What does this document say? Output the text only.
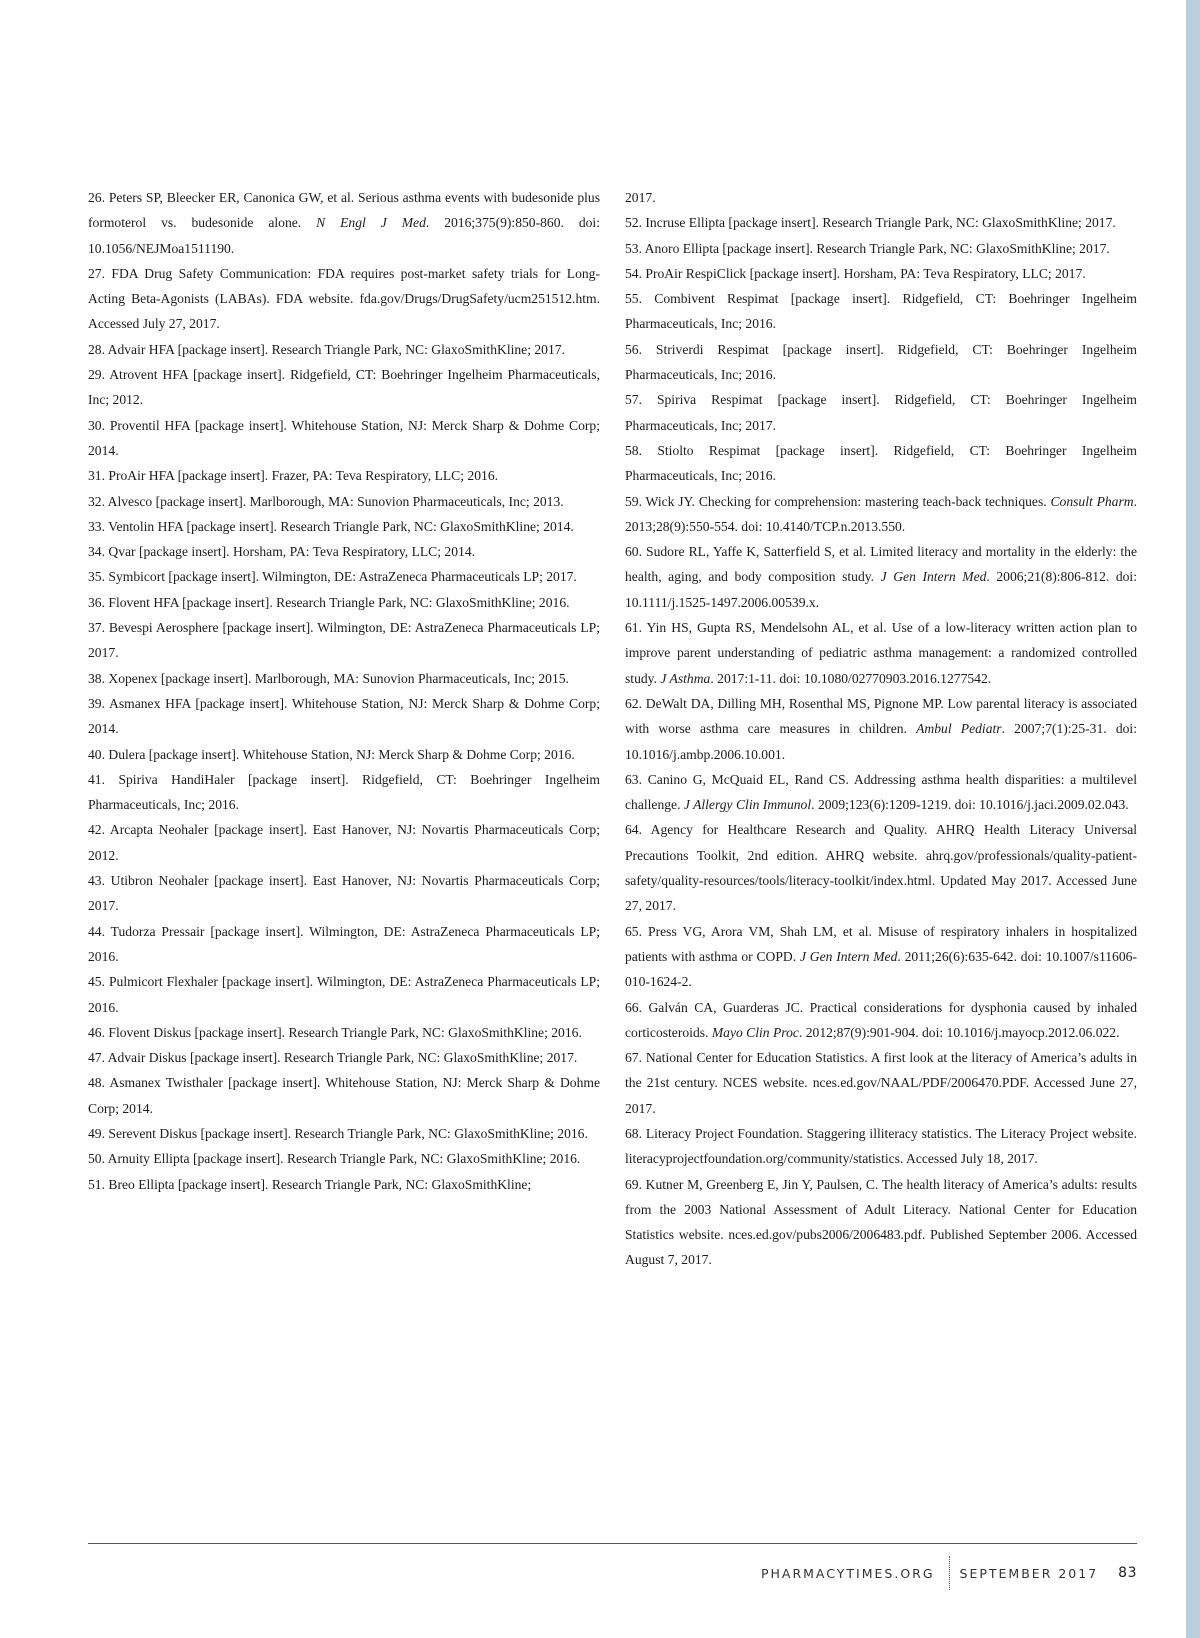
26. Peters SP, Bleecker ER, Canonica GW, et al. Serious asthma events with budesonide plus formoterol vs. budesonide alone. N Engl J Med. 2016;375(9):850-860. doi: 10.1056/NEJMoa1511190.

27. FDA Drug Safety Communication: FDA requires post-market safety trials for Long-Acting Beta-Agonists (LABAs). FDA website. fda.gov/Drugs/DrugSafety/ucm251512.htm. Accessed July 27, 2017.

28. Advair HFA [package insert]. Research Triangle Park, NC: GlaxoSmithKline; 2017.

29. Atrovent HFA [package insert]. Ridgefield, CT: Boehringer Ingelheim Pharmaceuticals, Inc; 2012.

30. Proventil HFA [package insert]. Whitehouse Station, NJ: Merck Sharp & Dohme Corp; 2014.

31. ProAir HFA [package insert]. Frazer, PA: Teva Respiratory, LLC; 2016.

32. Alvesco [package insert]. Marlborough, MA: Sunovion Pharmaceuticals, Inc; 2013.

33. Ventolin HFA [package insert]. Research Triangle Park, NC: GlaxoSmithKline; 2014.

34. Qvar [package insert]. Horsham, PA: Teva Respiratory, LLC; 2014.

35. Symbicort [package insert]. Wilmington, DE: AstraZeneca Pharmaceuticals LP; 2017.

36. Flovent HFA [package insert]. Research Triangle Park, NC: GlaxoSmithKline; 2016.

37. Bevespi Aerosphere [package insert]. Wilmington, DE: AstraZeneca Pharmaceuticals LP; 2017.

38. Xopenex [package insert]. Marlborough, MA: Sunovion Pharmaceuticals, Inc; 2015.

39. Asmanex HFA [package insert]. Whitehouse Station, NJ: Merck Sharp & Dohme Corp; 2014.

40. Dulera [package insert]. Whitehouse Station, NJ: Merck Sharp & Dohme Corp; 2016.

41. Spiriva HandiHaler [package insert]. Ridgefield, CT: Boehringer Ingelheim Pharmaceuticals, Inc; 2016.

42. Arcapta Neohaler [package insert]. East Hanover, NJ: Novartis Pharmaceuticals Corp; 2012.

43. Utibron Neohaler [package insert]. East Hanover, NJ: Novartis Pharmaceuticals Corp; 2017.

44. Tudorza Pressair [package insert]. Wilmington, DE: AstraZeneca Pharmaceuticals LP; 2016.

45. Pulmicort Flexhaler [package insert]. Wilmington, DE: AstraZeneca Pharmaceuticals LP; 2016.

46. Flovent Diskus [package insert]. Research Triangle Park, NC: GlaxoSmithKline; 2016.

47. Advair Diskus [package insert]. Research Triangle Park, NC: GlaxoSmithKline; 2017.

48. Asmanex Twisthaler [package insert]. Whitehouse Station, NJ: Merck Sharp & Dohme Corp; 2014.

49. Serevent Diskus [package insert]. Research Triangle Park, NC: GlaxoSmithKline; 2016.

50. Arnuity Ellipta [package insert]. Research Triangle Park, NC: GlaxoSmithKline; 2016.

51. Breo Ellipta [package insert]. Research Triangle Park, NC: GlaxoSmithKline;

2017.

52. Incruse Ellipta [package insert]. Research Triangle Park, NC: GlaxoSmithKline; 2017.

53. Anoro Ellipta [package insert]. Research Triangle Park, NC: GlaxoSmithKline; 2017.

54. ProAir RespiClick [package insert]. Horsham, PA: Teva Respiratory, LLC; 2017.

55. Combivent Respimat [package insert]. Ridgefield, CT: Boehringer Ingelheim Pharmaceuticals, Inc; 2016.

56. Striverdi Respimat [package insert]. Ridgefield, CT: Boehringer Ingelheim Pharmaceuticals, Inc; 2016.

57. Spiriva Respimat [package insert]. Ridgefield, CT: Boehringer Ingelheim Pharmaceuticals, Inc; 2017.

58. Stiolto Respimat [package insert]. Ridgefield, CT: Boehringer Ingelheim Pharmaceuticals, Inc; 2016.

59. Wick JY. Checking for comprehension: mastering teach-back techniques. Consult Pharm. 2013;28(9):550-554. doi: 10.4140/TCP.n.2013.550.

60. Sudore RL, Yaffe K, Satterfield S, et al. Limited literacy and mortality in the elderly: the health, aging, and body composition study. J Gen Intern Med. 2006;21(8):806-812. doi: 10.1111/j.1525-1497.2006.00539.x.

61. Yin HS, Gupta RS, Mendelsohn AL, et al. Use of a low-literacy written action plan to improve parent understanding of pediatric asthma management: a randomized controlled study. J Asthma. 2017:1-11. doi: 10.1080/02770903.2016.1277542.

62. DeWalt DA, Dilling MH, Rosenthal MS, Pignone MP. Low parental literacy is associated with worse asthma care measures in children. Ambul Pediatr. 2007;7(1):25-31. doi: 10.1016/j.ambp.2006.10.001.

63. Canino G, McQuaid EL, Rand CS. Addressing asthma health disparities: a multilevel challenge. J Allergy Clin Immunol. 2009;123(6):1209-1219. doi: 10.1016/j.jaci.2009.02.043.

64. Agency for Healthcare Research and Quality. AHRQ Health Literacy Universal Precautions Toolkit, 2nd edition. AHRQ website. ahrq.gov/professionals/quality-patient-safety/quality-resources/tools/literacy-toolkit/index.html. Updated May 2017. Accessed June 27, 2017.

65. Press VG, Arora VM, Shah LM, et al. Misuse of respiratory inhalers in hospitalized patients with asthma or COPD. J Gen Intern Med. 2011;26(6):635-642. doi: 10.1007/s11606-010-1624-2.

66. Galván CA, Guarderas JC. Practical considerations for dysphonia caused by inhaled corticosteroids. Mayo Clin Proc. 2012;87(9):901-904. doi: 10.1016/j.mayocp.2012.06.022.

67. National Center for Education Statistics. A first look at the literacy of America’s adults in the 21st century. NCES website. nces.ed.gov/NAAL/PDF/2006470.PDF. Accessed June 27, 2017.

68. Literacy Project Foundation. Staggering illiteracy statistics. The Literacy Project website. literacyprojectfoundation.org/community/statistics. Accessed July 18, 2017.

69. Kutner M, Greenberg E, Jin Y, Paulsen, C. The health literacy of America’s adults: results from the 2003 National Assessment of Adult Literacy. National Center for Education Statistics website. nces.ed.gov/pubs2006/2006483.pdf. Published September 2006. Accessed August 7, 2017.

PHARMACYTIMES.ORG SEPTEMBER 2017 83
